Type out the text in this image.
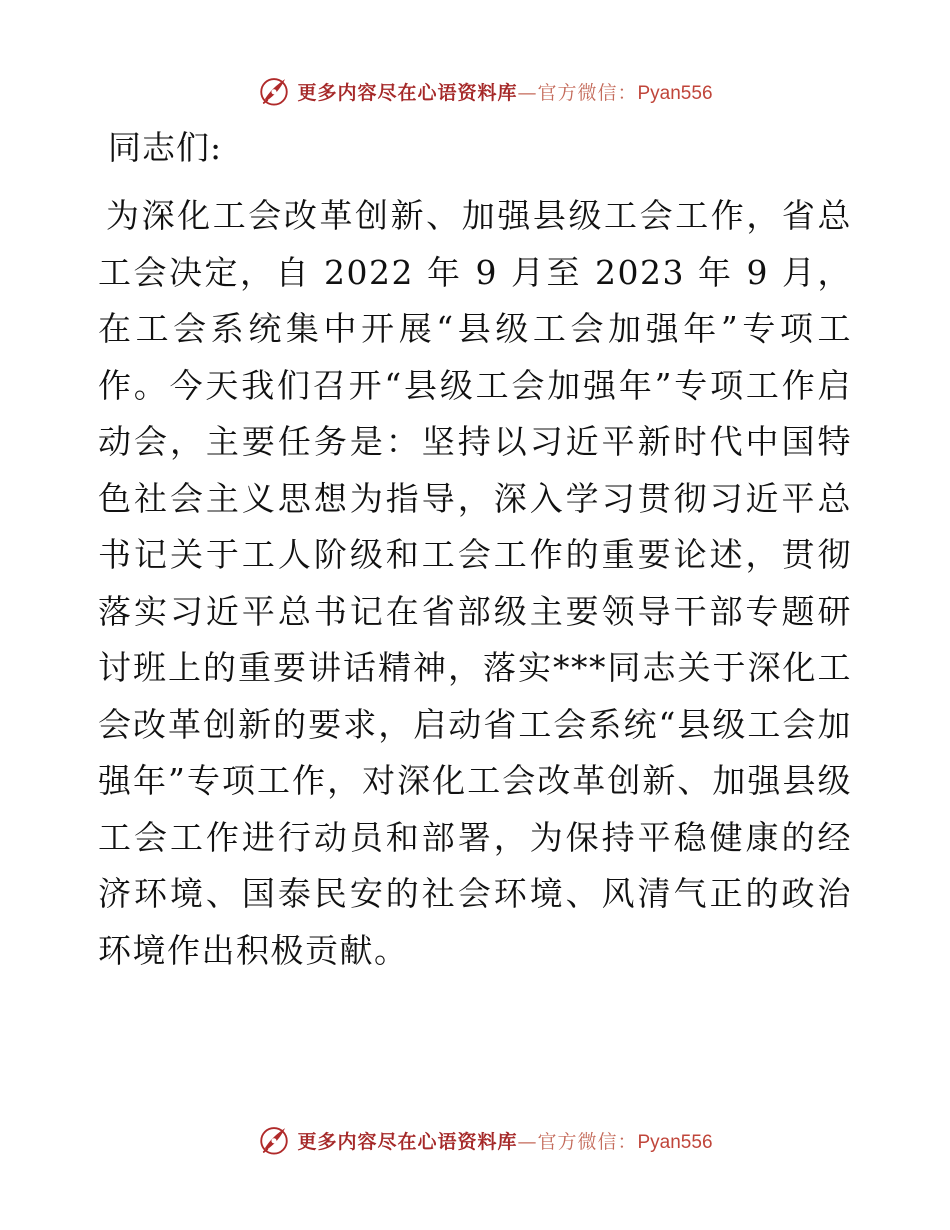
更多内容尽在心语资料库—官方微信：Pyan556

同志们:

为深化工会改革创新、加强县级工会工作，省总工会决定，自 2022 年 9 月至 2023 年 9 月，在工会系统集中开展“县级工会加强年”专项工作。今天我们召开“县级工会加强年”专项工作启动会，主要任务是：坚持以习近平新时代中国特色社会主义思想为指导，深入学习贯彻习近平总书记关于工人阶级和工会工作的重要论述，贯彻落实习近平总书记在省部级主要领导干部专题研讨班上的重要讲话精神，落实***同志关于深化工会改革创新的要求，启动省工会系统“县级工会加强年”专项工作，对深化工会改革创新、加强县级工会工作进行动员和部署，为保持平稳健康的经济环境、国泰民安的社会环境、风清气正的政治环境作出积极贡献。

更多内容尽在心语资料库—官方微信：Pyan556
